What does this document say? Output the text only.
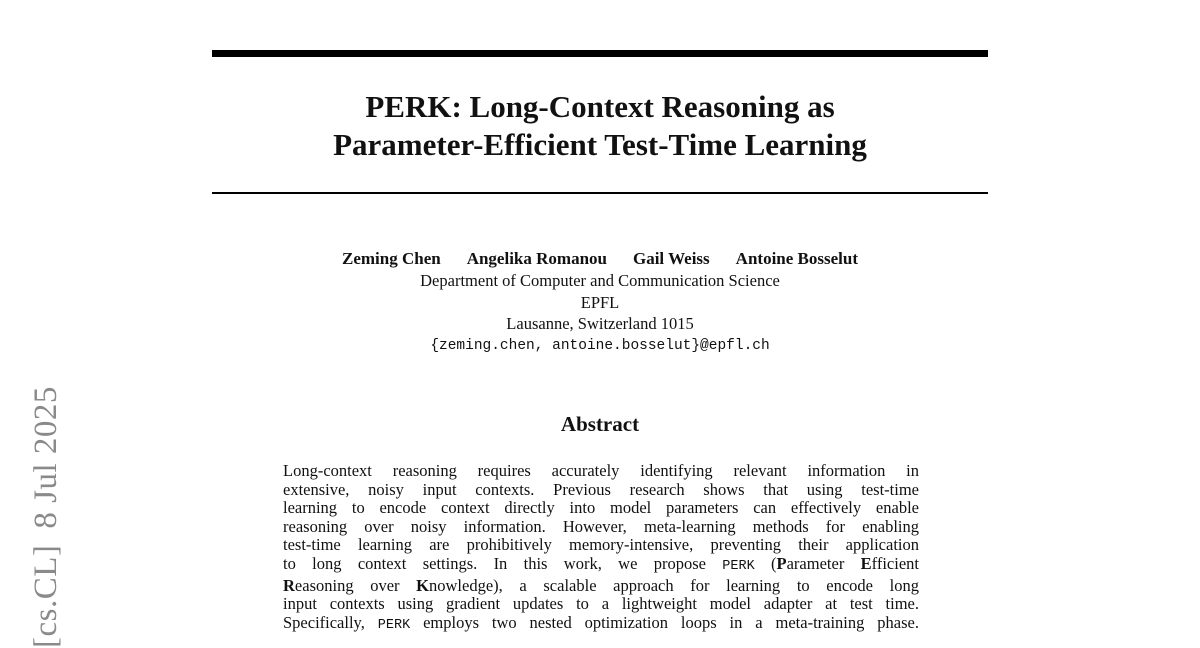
[cs.CL]8 Jul 2025
PERK: Long-Context Reasoning as
Parameter-Efficient Test-Time Learning
Zeming Chen Angelika Romanou Gail Weiss Antoine Bosselut
Department of Computer and Communication Science
EPFL
Lausanne, Switzerland 1015
{zeming.chen, antoine.bosselut}@epfl.ch
Abstract
Long-context reasoning requires accurately identifying relevant information in
extensive, noisy input contexts. Previous research shows that using test-time
learning to encode context directly into model parameters can effectively enable
reasoning over noisy information. However, meta-learning methods for enabling
test-time learning are prohibitively memory-intensive, preventing their application
to long context settings. In this work, we propose PERK (Parameter Efficient
Reasoning over Knowledge), a scalable approach for learning to encode long
input contexts using gradient updates to a lightweight model adapter at test time.
Specifically, PERK employs two nested optimization loops in a meta-training phase.
